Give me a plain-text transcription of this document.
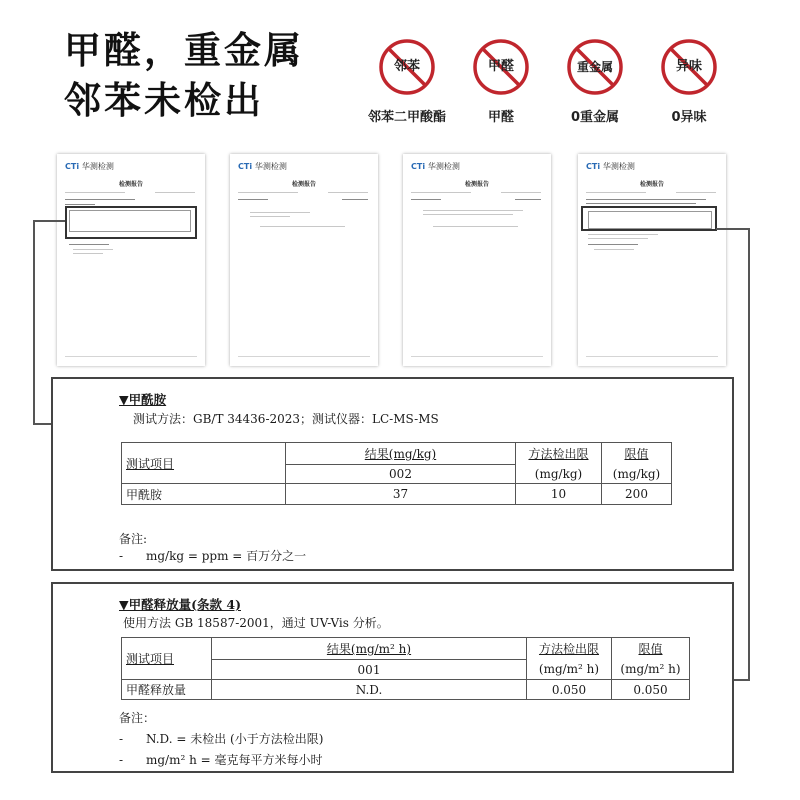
甲醛，重金属
邻苯未检出
邻苯
邻苯二甲酸酯
甲醛
甲醛
重金属
0重金属
异味
0异味
CTi 华测检测
检测报告
CTi 华测检测
检测报告
CTi 华测检测
检测报告
CTi 华测检测
检测报告
▼甲酰胺
测试方法：GB/T 34436-2023；测试仪器：LC-MS-MS
测试项目	结果(mg/kg)	方法检出限	限值
	002	(mg/kg)	(mg/kg)
甲酰胺	37	10	200
备注:
- mg/kg = ppm = 百万分之一
▼甲醛释放量(条款 4)
使用方法 GB 18587-2001，通过 UV-Vis 分析。
测试项目	结果(mg/m² h)	方法检出限	限值
	001	(mg/m² h)	(mg/m² h)
甲醛释放量	N.D.	0.050	0.050
备注：
- N.D. = 未检出 (小于方法检出限)
- mg/m² h = 毫克每平方米每小时
